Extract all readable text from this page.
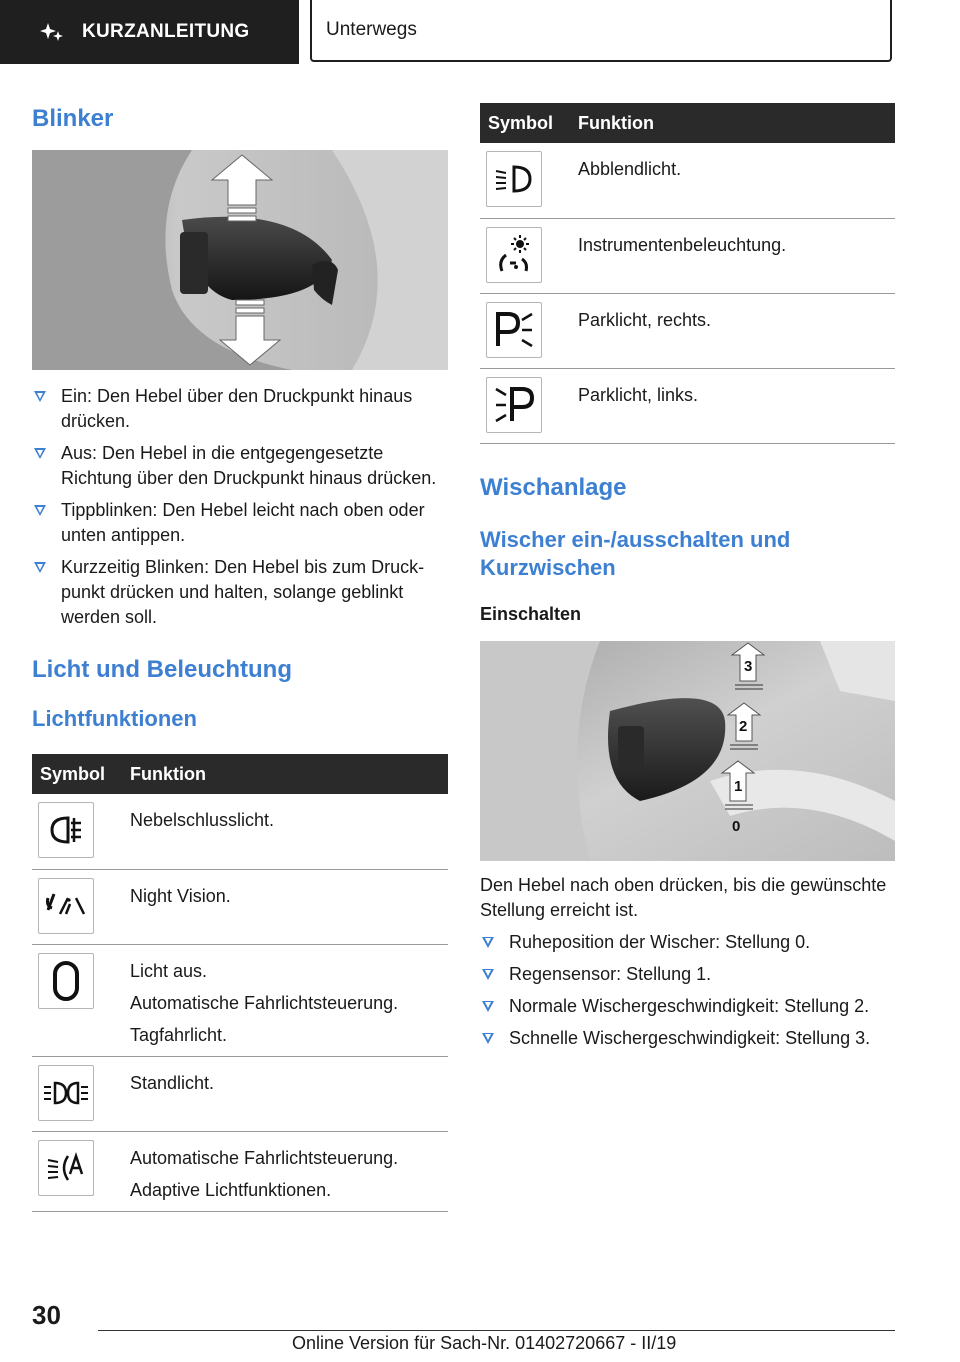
KURZANLEITUNG	Unterwegs
Blinker
Ein: Den Hebel über den Druckpunkt hinaus drücken.
Aus: Den Hebel in die entgegengesetzte Richtung über den Druckpunkt hinaus drücken.
Tippblinken: Den Hebel leicht nach oben oder unten antippen.
Kurzzeitig Blinken: Den Hebel bis zum Druckpunkt drücken und halten, solange geblinkt werden soll.
Licht und Beleuchtung
Lichtfunktionen
Symbol	Funktion

Nebelschlusslicht.

Night Vision.

Licht aus.
Automatische Fahrlichtsteuerung.
Tagfahrlicht.

Standlicht.

Automatische Fahrlichtsteuerung.
Adaptive Lichtfunktionen.
Symbol	Funktion

Abblendlicht.

Instrumentenbeleuchtung.

Parklicht, rechts.

Parklicht, links.
Wischanlage
Wischer ein-/ausschalten und Kurzwischen
Einschalten
3
2
1
0

Den Hebel nach oben drücken, bis die gewünschte Stellung erreicht ist.

Ruheposition der Wischer: Stellung 0.
Regensensor: Stellung 1.
Normale Wischergeschwindigkeit: Stellung 2.
Schnelle Wischergeschwindigkeit: Stellung 3.
30
Online Version für Sach-Nr. 01402720667 - II/19
